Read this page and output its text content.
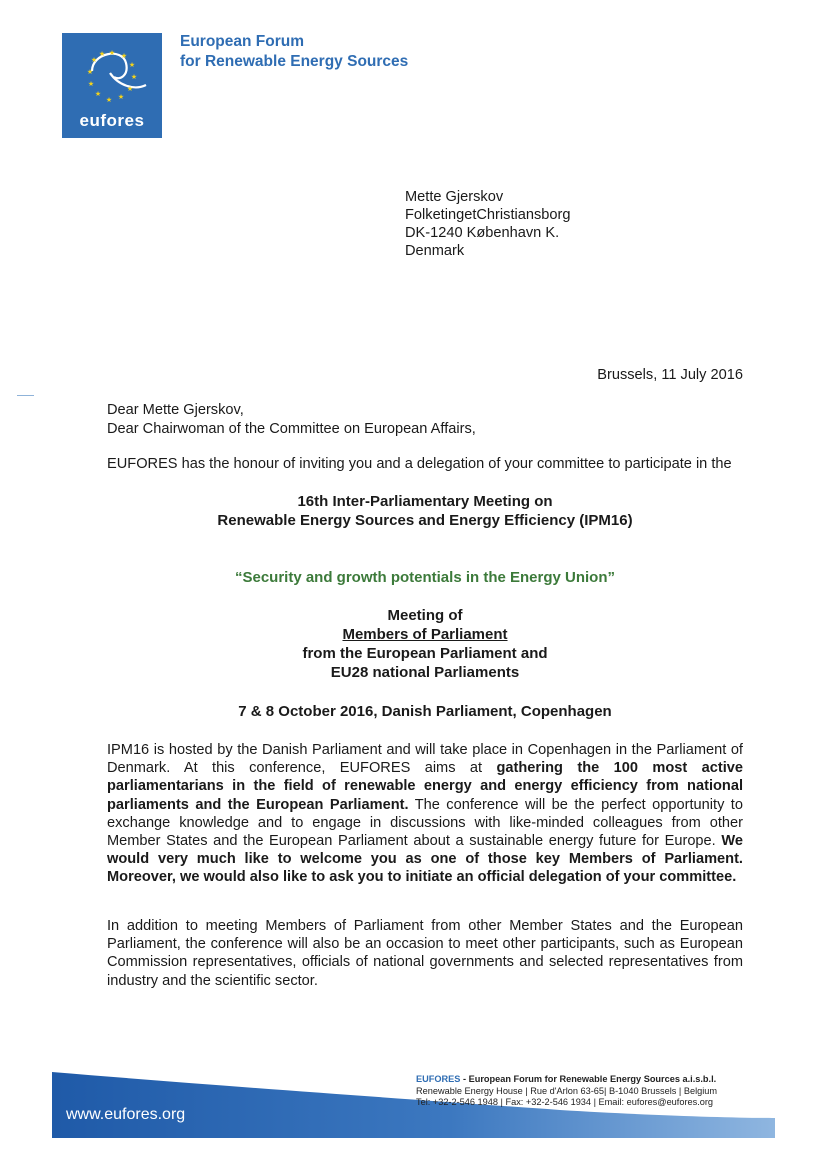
★ ★
★
★
★
★
★
★
★
★
★
★
eufores
European Forum
for Renewable Energy Sources
Mette Gjerskov
FolketingetChristiansborg
DK-1240 København K.
Denmark
Brussels, 11 July 2016
Dear Mette Gjerskov,
Dear Chairwoman of the Committee on European Affairs,
EUFORES has the honour of inviting you and a delegation of your committee to participate in the
16th Inter-Parliamentary Meeting on
Renewable Energy Sources and Energy Efficiency (IPM16)
“Security and growth potentials in the Energy Union”
Meeting of
Members of Parliament
from the European Parliament and
EU28 national Parliaments
7 & 8 October 2016, Danish Parliament, Copenhagen
IPM16 is hosted by the Danish Parliament and will take place in Copenhagen in the Parliament of Denmark. At this conference, EUFORES aims at gathering the 100 most active parliamentarians in the field of renewable energy and energy efficiency from national parliaments and the European Parliament. The conference will be the perfect opportunity to exchange knowledge and to engage in discussions with like-minded colleagues from other Member States and the European Parliament about a sustainable energy future for Europe. We would very much like to welcome you as one of those key Members of Parliament. Moreover, we would also like to ask you to initiate an official delegation of your committee.
In addition to meeting Members of Parliament from other Member States and the European Parliament, the conference will also be an occasion to meet other participants, such as European Commission representatives, officials of national governments and selected representatives from industry and the scientific sector.
www.eufores.org
EUFORES - European Forum for Renewable Energy Sources a.i.s.b.l.
Renewable Energy House | Rue d'Arlon 63-65| B-1040 Brussels | Belgium
Tel: +32-2-546 1948 | Fax: +32-2-546 1934 | Email: eufores@eufores.org
